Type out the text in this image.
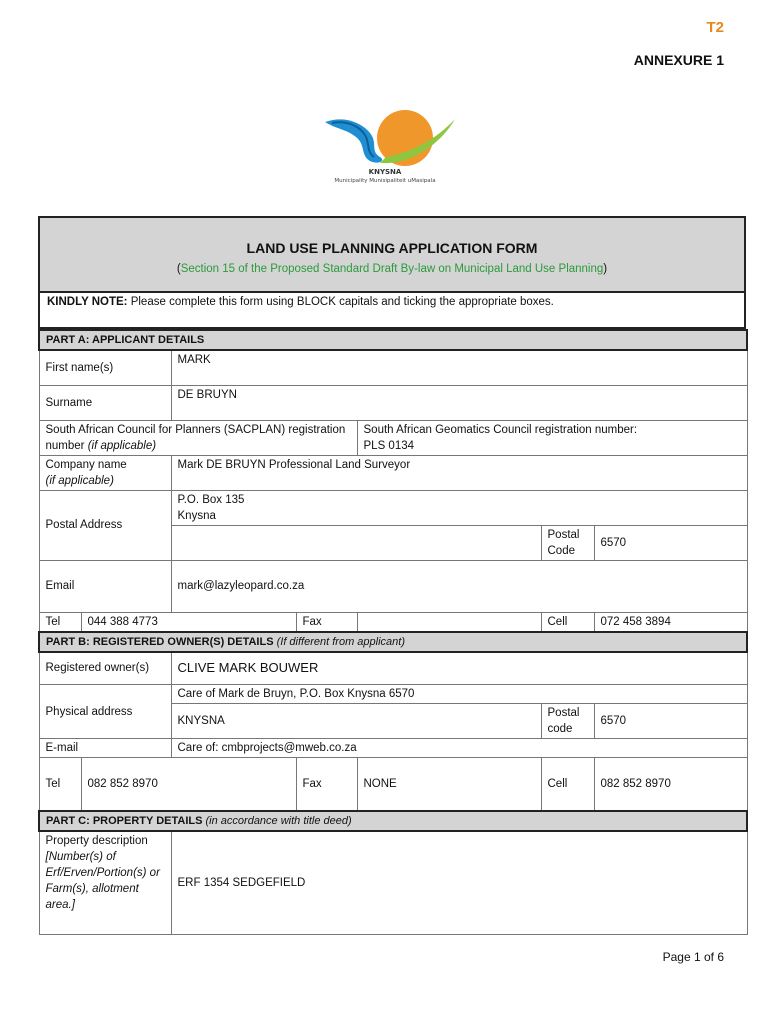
T2
ANNEXURE 1
KNYSNA
Municipality Munisipaliteit uMasipala
LAND USE PLANNING APPLICATION FORM
(Section 15 of the Proposed Standard Draft By-law on Municipal Land Use Planning)
KINDLY NOTE: Please complete this form using BLOCK capitals and ticking the appropriate boxes.
PART A: APPLICANT DETAILS						
First name(s)		MARK				
Surname		DE BRUYN				
South African Council for Planners (SACPLAN) registration number (if applicable)				South African Geomatics Council registration number:
PLS 0134		

Company name
(if applicable)		Mark DE BRUYN Professional Land Surveyor				
Postal Address		P.O. Box 135
Knysna				

					Postal Code	6570
Email		mark@lazyleopard.co.za				
Tel	044 388 4773		Fax		Cell	072 458 3894
PART B: REGISTERED OWNER(S) DETAILS (If different from applicant)						
Registered owner(s)		CLIVE MARK BOUWER				
Physical address		Care of Mark de Bruyn, P.O. Box Knysna 6570				
		KNYSNA			Postal code	6570
E-mail		Care of: cmbprojects@mweb.co.za				
Tel	082 852 8970		Fax	NONE	Cell	082 852 8970
PART C: PROPERTY DETAILS (in accordance with title deed)						

Property description
[Number(s) of Erf/Erven/Portion(s) or Farm(s), allotment area.]		ERF 1354 SEDGEFIELD				
Page 1 of 6
